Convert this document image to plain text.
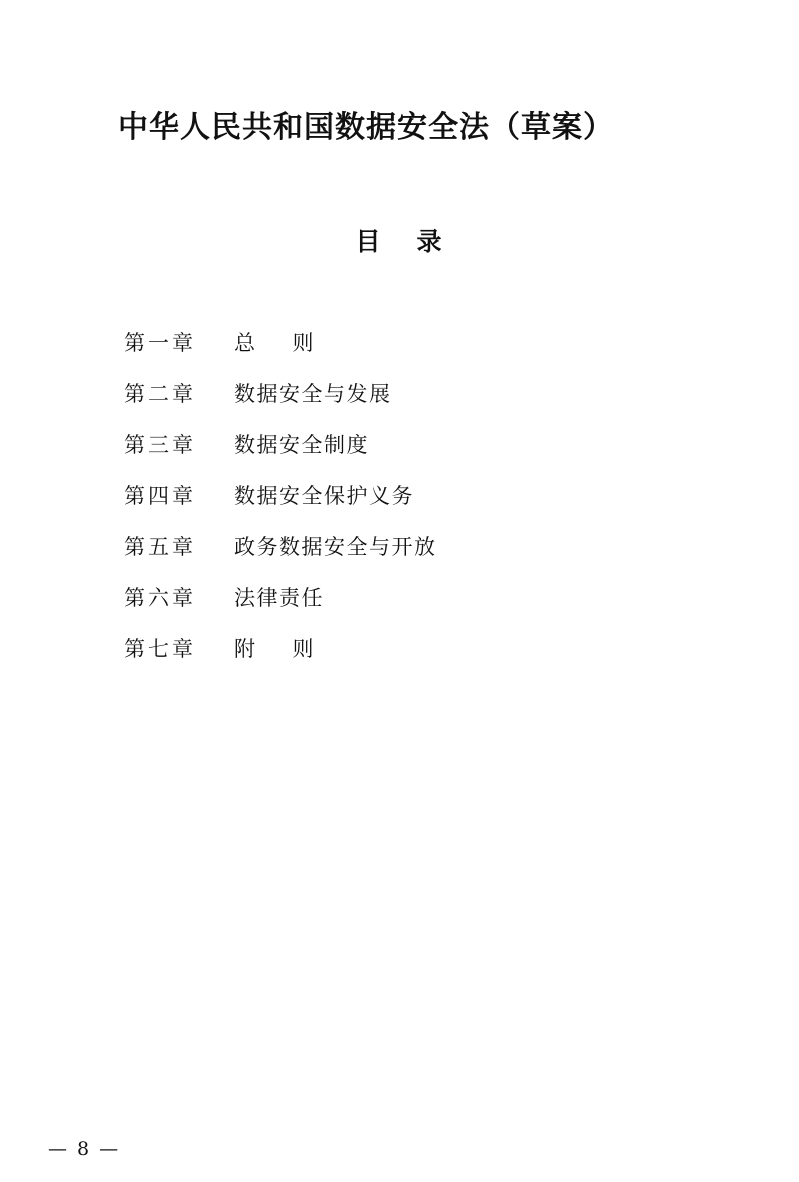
中华人民共和国数据安全法（草案）
目 录
第一章 总 则
第二章 数据安全与发展
第三章 数据安全制度
第四章 数据安全保护义务
第五章 政务数据安全与开放
第六章 法律责任
第七章 附 则
— 8 —
